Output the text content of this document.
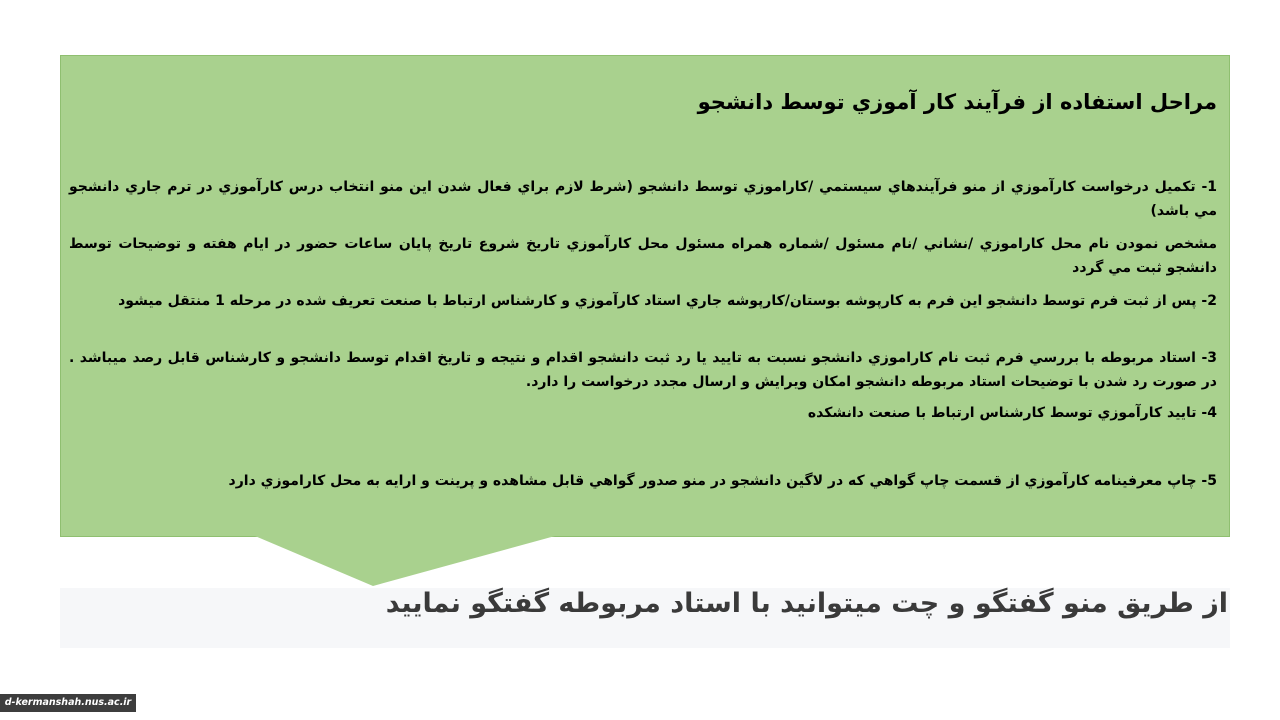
مراحل استفاده از فرآيند كار آموزي توسط دانشجو

1- تكميل درخواست كارآموزي از منو فرآيندهاي سيستمي /كاراموزي توسط دانشجو (شرط لازم براي فعال شدن اين منو انتخاب درس كارآموزي در ترم جاري دانشجو مي باشد)

مشخص نمودن نام محل كاراموزي /نشاني /نام مسئول /شماره همراه مسئول محل كارآموزي تاريخ شروع تاريخ پايان ساعات حضور در ايام هفته و توضيحات توسط دانشجو ثبت مي گردد

2- پس از ثبت فرم توسط دانشجو اين فرم به كارپوشه بوستان/كارپوشه جاري استاد كارآموزي و كارشناس ارتباط با صنعت تعريف شده در مرحله 1 منتقل ميشود

3- استاد مربوطه با بررسي فرم ثبت نام كاراموزي دانشجو نسبت به تاييد يا رد ثبت دانشجو اقدام و نتيجه و تاريخ اقدام توسط دانشجو و كارشناس قابل رصد ميباشد . در صورت رد شدن با توضيحات استاد مربوطه دانشجو امكان ويرايش و ارسال مجدد درخواست را دارد.

4- تاييد كارآموزي توسط كارشناس ارتباط با صنعت دانشكده

5- چاپ معرفينامه كارآموزي از قسمت چاپ گواهي كه در لاگين دانشجو در منو صدور گواهي قابل مشاهده و پرينت و ارايه به محل كاراموزي دارد

از طریق منو گفتگو و چت میتوانید با استاد مربوطه گفتگو نمایید

d-kermanshah.nus.ac.ir
